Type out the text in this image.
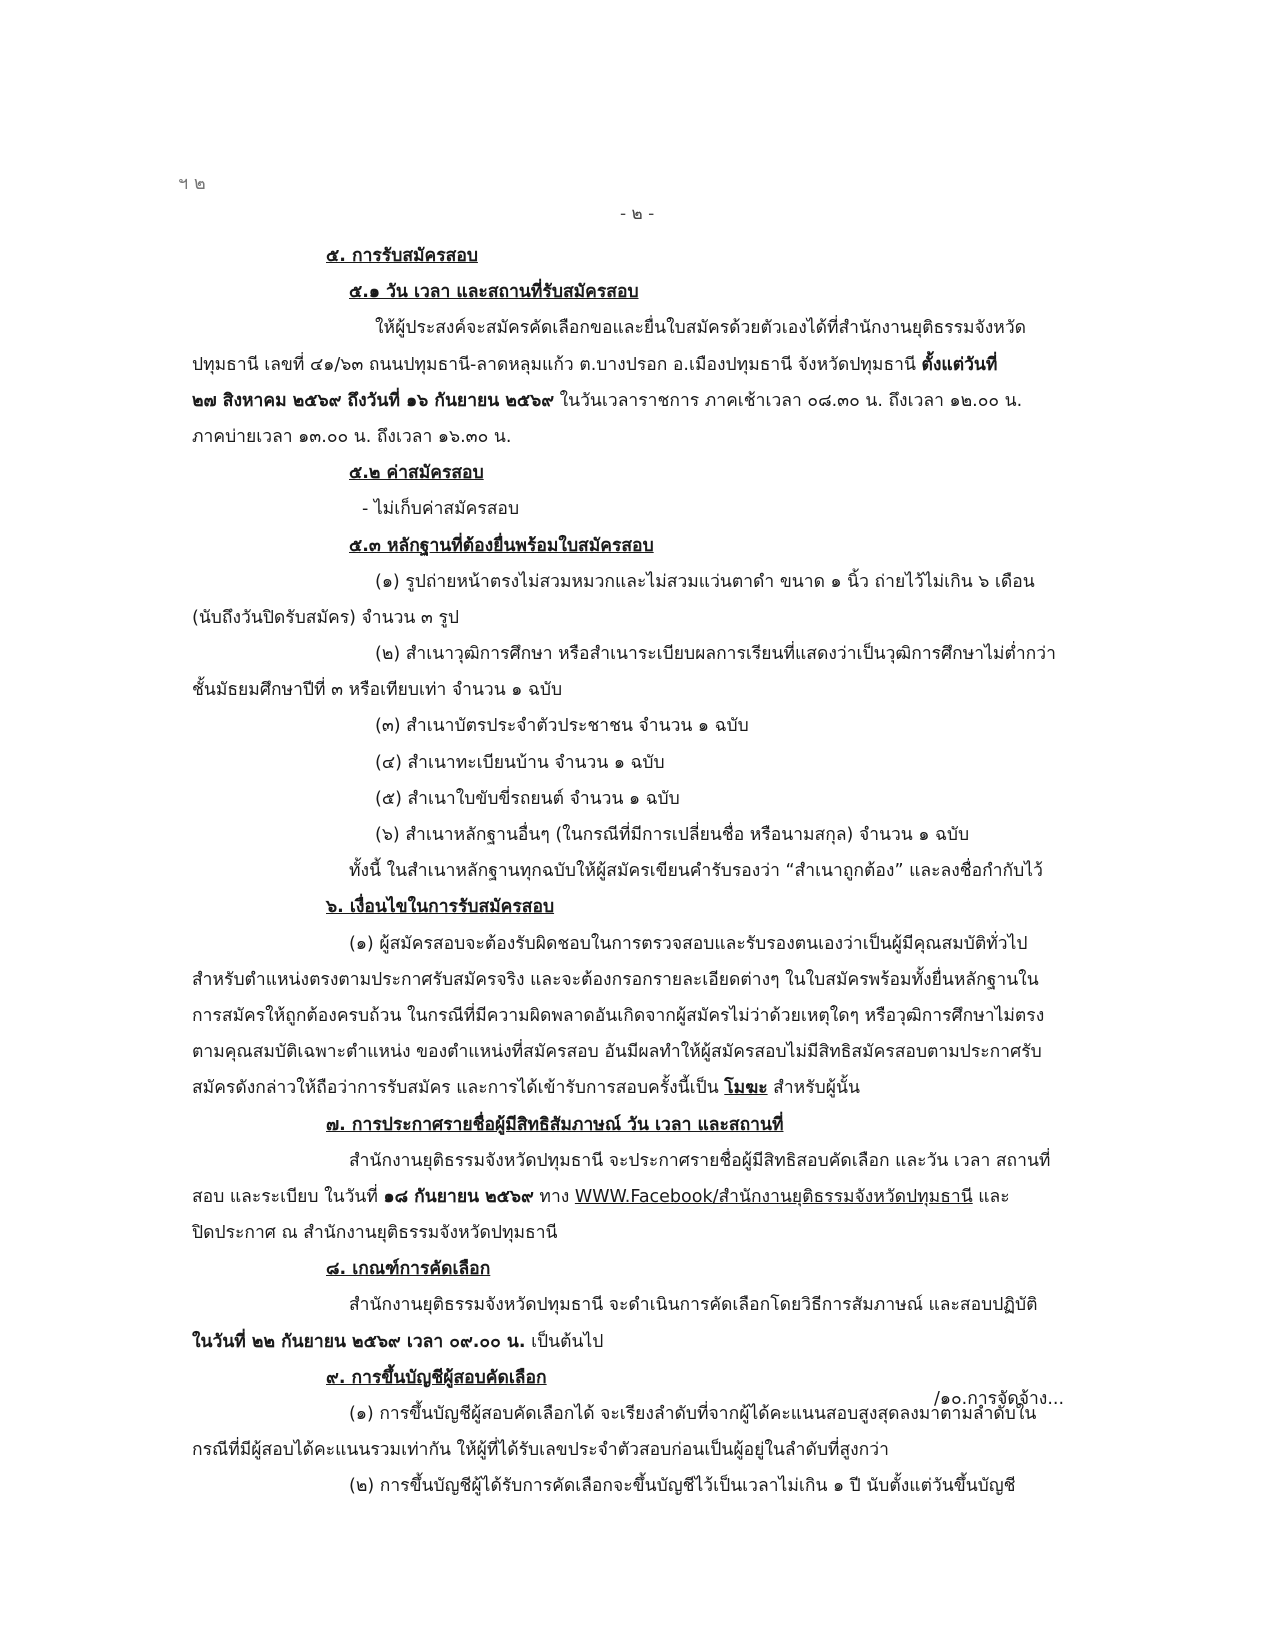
ฯ ๒
- ๒ -
๕. การรับสมัครสอบ
๕.๑ วัน เวลา และสถานที่รับสมัครสอบ
ให้ผู้ประสงค์จะสมัครคัดเลือกขอและยื่นใบสมัครด้วยตัวเองได้ที่สำนักงานยุติธรรมจังหวัด
ปทุมธานี เลขที่ ๔๑/๖๓ ถนนปทุมธานี-ลาดหลุมแก้ว ต.บางปรอก อ.เมืองปทุมธานี จังหวัดปทุมธานี ตั้งแต่วันที่
๒๗ สิงหาคม ๒๕๖๙ ถึงวันที่ ๑๖ กันยายน ๒๕๖๙ ในวันเวลาราชการ ภาคเช้าเวลา ๐๘.๓๐ น. ถึงเวลา ๑๒.๐๐ น.
ภาคบ่ายเวลา ๑๓.๐๐ น. ถึงเวลา ๑๖.๓๐ น.
๕.๒ ค่าสมัครสอบ
- ไม่เก็บค่าสมัครสอบ
๕.๓ หลักฐานที่ต้องยื่นพร้อมใบสมัครสอบ
(๑) รูปถ่ายหน้าตรงไม่สวมหมวกและไม่สวมแว่นตาดำ ขนาด ๑ นิ้ว ถ่ายไว้ไม่เกิน ๖ เดือน
(นับถึงวันปิดรับสมัคร) จำนวน ๓ รูป
(๒) สำเนาวุฒิการศึกษา หรือสำเนาระเบียบผลการเรียนที่แสดงว่าเป็นวุฒิการศึกษาไม่ต่ำกว่า
ชั้นมัธยมศึกษาปีที่ ๓ หรือเทียบเท่า จำนวน ๑ ฉบับ
(๓) สำเนาบัตรประจำตัวประชาชน จำนวน ๑ ฉบับ
(๔) สำเนาทะเบียนบ้าน จำนวน ๑ ฉบับ
(๕) สำเนาใบขับขี่รถยนต์ จำนวน ๑ ฉบับ
(๖) สำเนาหลักฐานอื่นๆ (ในกรณีที่มีการเปลี่ยนชื่อ หรือนามสกุล) จำนวน ๑ ฉบับ
ทั้งนี้ ในสำเนาหลักฐานทุกฉบับให้ผู้สมัครเขียนคำรับรองว่า “สำเนาถูกต้อง” และลงชื่อกำกับไว้
๖. เงื่อนไขในการรับสมัครสอบ
(๑) ผู้สมัครสอบจะต้องรับผิดชอบในการตรวจสอบและรับรองตนเองว่าเป็นผู้มีคุณสมบัติทั่วไป
สำหรับตำแหน่งตรงตามประกาศรับสมัครจริง และจะต้องกรอกรายละเอียดต่างๆ ในใบสมัครพร้อมทั้งยื่นหลักฐานใน
การสมัครให้ถูกต้องครบถ้วน ในกรณีที่มีความผิดพลาดอันเกิดจากผู้สมัครไม่ว่าด้วยเหตุใดๆ หรือวุฒิการศึกษาไม่ตรง
ตามคุณสมบัติเฉพาะตำแหน่ง ของตำแหน่งที่สมัครสอบ อันมีผลทำให้ผู้สมัครสอบไม่มีสิทธิสมัครสอบตามประกาศรับ
สมัครดังกล่าวให้ถือว่าการรับสมัคร และการได้เข้ารับการสอบครั้งนี้เป็น โมฆะ สำหรับผู้นั้น
๗. การประกาศรายชื่อผู้มีสิทธิสัมภาษณ์ วัน เวลา และสถานที่
สำนักงานยุติธรรมจังหวัดปทุมธานี จะประกาศรายชื่อผู้มีสิทธิสอบคัดเลือก และวัน เวลา สถานที่
สอบ และระเบียบ ในวันที่ ๑๘ กันยายน ๒๕๖๙ ทาง WWW.Facebook/สำนักงานยุติธรรมจังหวัดปทุมธานี และ
ปิดประกาศ ณ สำนักงานยุติธรรมจังหวัดปทุมธานี
๘. เกณฑ์การคัดเลือก
สำนักงานยุติธรรมจังหวัดปทุมธานี จะดำเนินการคัดเลือกโดยวิธีการสัมภาษณ์ และสอบปฏิบัติ
ในวันที่ ๒๒ กันยายน ๒๕๖๙ เวลา ๐๙.๐๐ น. เป็นต้นไป
๙. การขึ้นบัญชีผู้สอบคัดเลือก
(๑) การขึ้นบัญชีผู้สอบคัดเลือกได้ จะเรียงลำดับที่จากผู้ได้คะแนนสอบสูงสุดลงมาตามลำดับใน
กรณีที่มีผู้สอบได้คะแนนรวมเท่ากัน ให้ผู้ที่ได้รับเลขประจำตัวสอบก่อนเป็นผู้อยู่ในลำดับที่สูงกว่า
(๒) การขึ้นบัญชีผู้ได้รับการคัดเลือกจะขึ้นบัญชีไว้เป็นเวลาไม่เกิน ๑ ปี นับตั้งแต่วันขึ้นบัญชี
/๑๐.การจัดจ้าง...
